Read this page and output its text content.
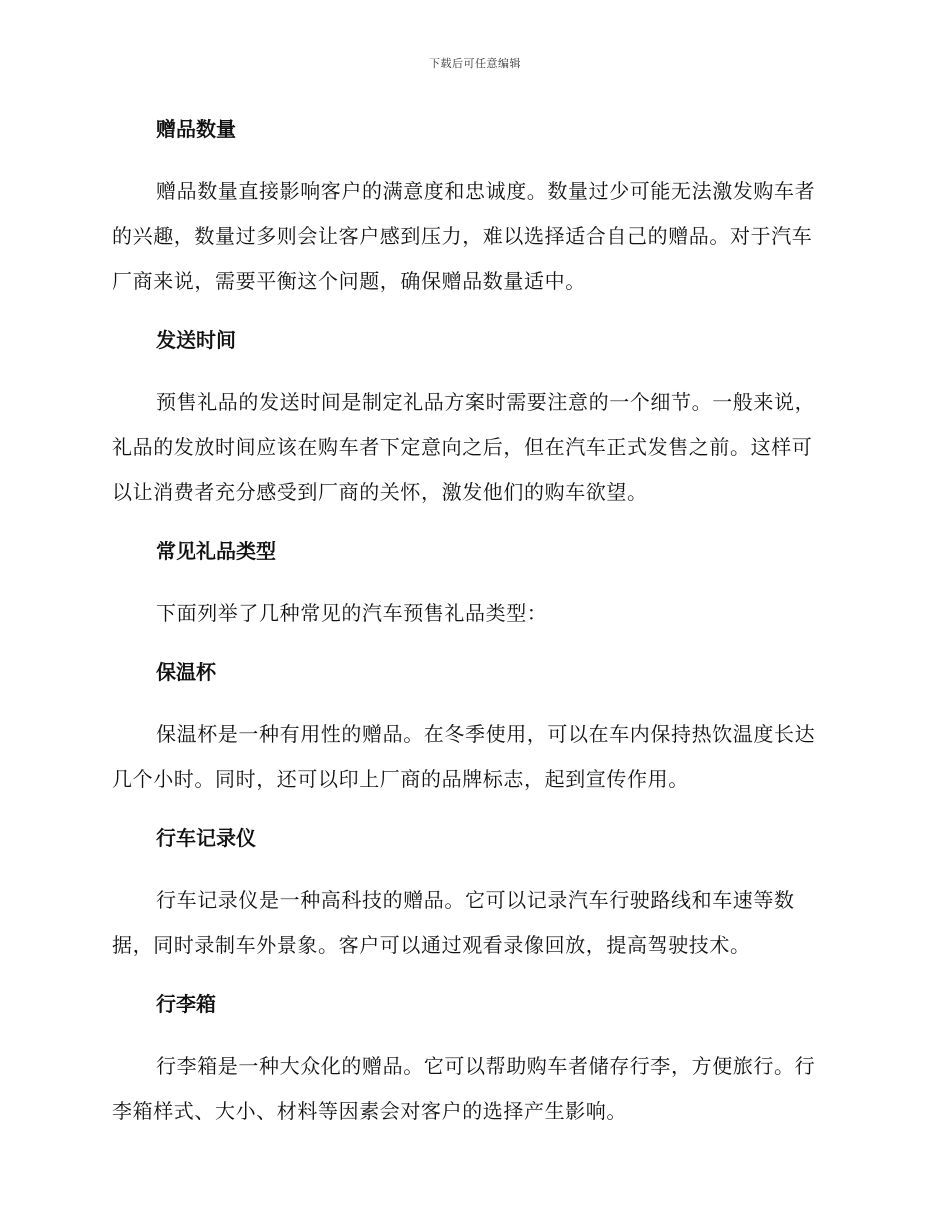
下载后可任意编辑
赠品数量

赠品数量直接影响客户的满意度和忠诚度。数量过少可能无法激发购车者的兴趣，数量过多则会让客户感到压力，难以选择适合自己的赠品。对于汽车厂商来说，需要平衡这个问题，确保赠品数量适中。

发送时间

预售礼品的发送时间是制定礼品方案时需要注意的一个细节。一般来说，礼品的发放时间应该在购车者下定意向之后，但在汽车正式发售之前。这样可以让消费者充分感受到厂商的关怀，激发他们的购车欲望。

常见礼品类型

下面列举了几种常见的汽车预售礼品类型：

保温杯

保温杯是一种有用性的赠品。在冬季使用，可以在车内保持热饮温度长达几个小时。同时，还可以印上厂商的品牌标志，起到宣传作用。

行车记录仪

行车记录仪是一种高科技的赠品。它可以记录汽车行驶路线和车速等数据，同时录制车外景象。客户可以通过观看录像回放，提高驾驶技术。

行李箱

行李箱是一种大众化的赠品。它可以帮助购车者储存行李，方便旅行。行李箱样式、大小、材料等因素会对客户的选择产生影响。
